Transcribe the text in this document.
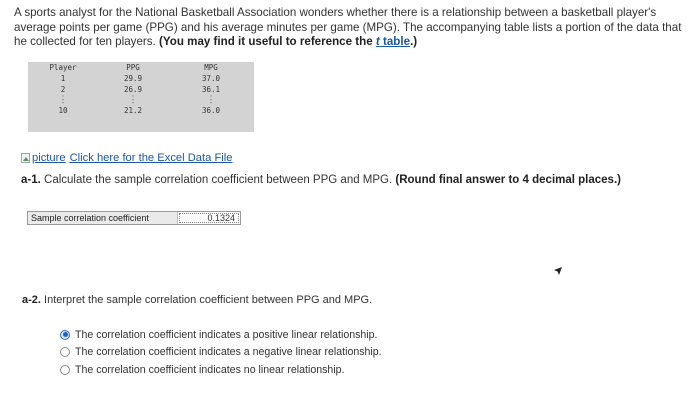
A sports analyst for the National Basketball Association wonders whether there is a relationship between a basketball player's average points per game (PPG) and his average minutes per game (MPG). The accompanying table lists a portion of the data that he collected for ten players. (You may find it useful to reference the t table.)
Player	PPG	MPG
1	29.9	37.0
2	26.9	36.1
⋮	⋮	⋮
10	21.2	36.0
picture Click here for the Excel Data File
a-1. Calculate the sample correlation coefficient between PPG and MPG. (Round final answer to 4 decimal places.)
Sample correlation coefficient	0.1324
a-2. Interpret the sample correlation coefficient between PPG and MPG.
The correlation coefficient indicates a positive linear relationship.
The correlation coefficient indicates a negative linear relationship.
The correlation coefficient indicates no linear relationship.
